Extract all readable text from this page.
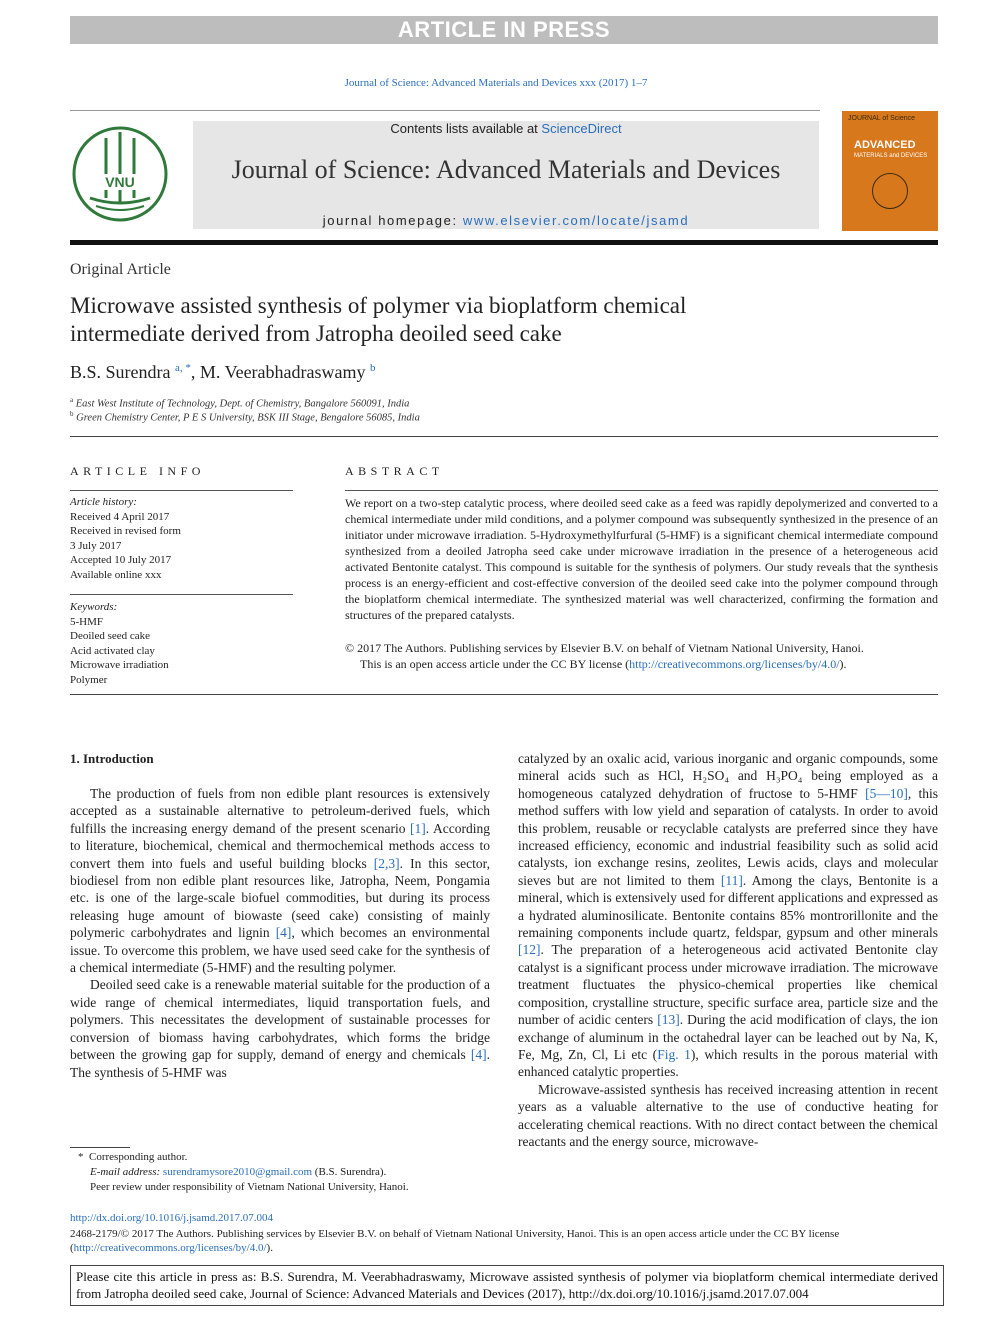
ARTICLE IN PRESS
Journal of Science: Advanced Materials and Devices xxx (2017) 1–7
VNU
Contents lists available at ScienceDirect
Journal of Science: Advanced Materials and Devices
journal homepage: www.elsevier.com/locate/jsamd
JOURNAL of Science
ADVANCED
MATERIALS and DEVICES
Original Article
Microwave assisted synthesis of polymer via bioplatform chemical
intermediate derived from Jatropha deoiled seed cake
B.S. Surendra $^{a, *}$, M. Veerabhadraswamy $^b$
$^a$ East West Institute of Technology, Dept. of Chemistry, Bangalore 560091, India
$^b$ Green Chemistry Center, P E S University, BSK III Stage, Bengalore 56085, India
ARTICLE INFO	ABSTRACT
Article history:
Received 4 April 2017
Received in revised form
3 July 2017
Accepted 10 July 2017
Available online xxx
Keywords:
5-HMF
Deoiled seed cake
Acid activated clay
Microwave irradiation
Polymer
We report on a two-step catalytic process, where deoiled seed cake as a feed was rapidly depolymerized and converted to a chemical intermediate under mild conditions, and a polymer compound was subsequently synthesized in the presence of an initiator under microwave irradiation. 5-Hydroxymethylfurfural (5-HMF) is a significant chemical intermediate compound synthesized from a deoiled Jatropha seed cake under microwave irradiation in the presence of a heterogeneous acid activated Bentonite catalyst. This compound is suitable for the synthesis of polymers. Our study reveals that the synthesis process is an energy-efficient and cost-effective conversion of the deoiled seed cake into the polymer compound through the bioplatform chemical intermediate. The synthesized material was well characterized, confirming the formation and structures of the prepared catalysts.
© 2017 The Authors. Publishing services by Elsevier B.V. on behalf of Vietnam National University, Hanoi.
This is an open access article under the CC BY license (http://creativecommons.org/licenses/by/4.0/).
1. Introduction

The production of fuels from non edible plant resources is extensively accepted as a sustainable alternative to petroleum-derived fuels, which fulfills the increasing energy demand of the present scenario [1]. According to literature, biochemical, chemical and thermochemical methods access to convert them into fuels and useful building blocks [2,3]. In this sector, biodiesel from non edible plant resources like, Jatropha, Neem, Pongamia etc. is one of the large-scale biofuel commodities, but during its process releasing huge amount of biowaste (seed cake) consisting of mainly polymeric carbohydrates and lignin [4], which becomes an environmental issue. To overcome this problem, we have used seed cake for the synthesis of a chemical intermediate (5-HMF) and the resulting polymer.

Deoiled seed cake is a renewable material suitable for the production of a wide range of chemical intermediates, liquid transportation fuels, and polymers. This necessitates the development of sustainable processes for conversion of biomass having carbohydrates, which forms the bridge between the growing gap for supply, demand of energy and chemicals [4]. The synthesis of 5-HMF was

catalyzed by an oxalic acid, various inorganic and organic compounds, some mineral acids such as HCl, H₂SO₄ and H₃PO₄ being employed as a homogeneous catalyzed dehydration of fructose to 5-HMF [5—10], this method suffers with low yield and separation of catalysts. In order to avoid this problem, reusable or recyclable catalysts are preferred since they have increased efficiency, economic and industrial feasibility such as solid acid catalysts, ion exchange resins, zeolites, Lewis acids, clays and molecular sieves but are not limited to them [11]. Among the clays, Bentonite is a mineral, which is extensively used for different applications and expressed as a hydrated aluminosilicate. Bentonite contains 85% montrorillonite and the remaining components include quartz, feldspar, gypsum and other minerals [12]. The preparation of a heterogeneous acid activated Bentonite clay catalyst is a significant process under microwave irradiation. The microwave treatment fluctuates the physico-chemical properties like chemical composition, crystalline structure, specific surface area, particle size and the number of acidic centers [13]. During the acid modification of clays, the ion exchange of aluminum in the octahedral layer can be leached out by Na, K, Fe, Mg, Zn, Cl, Li etc (Fig. 1), which results in the porous material with enhanced catalytic properties.

Microwave-assisted synthesis has received increasing attention in recent years as a valuable alternative to the use of conductive heating for accelerating chemical reactions. With no direct contact between the chemical reactants and the energy source, microwave-

* Corresponding author.
E-mail address: surendramysore2010@gmail.com (B.S. Surendra).
Peer review under responsibility of Vietnam National University, Hanoi.
http://dx.doi.org/10.1016/j.jsamd.2017.07.004
2468-2179/© 2017 The Authors. Publishing services by Elsevier B.V. on behalf of Vietnam National University, Hanoi. This is an open access article under the CC BY license (http://creativecommons.org/licenses/by/4.0/).
Please cite this article in press as: B.S. Surendra, M. Veerabhadraswamy, Microwave assisted synthesis of polymer via bioplatform chemical intermediate derived from Jatropha deoiled seed cake, Journal of Science: Advanced Materials and Devices (2017), http://dx.doi.org/10.1016/j.jsamd.2017.07.004
